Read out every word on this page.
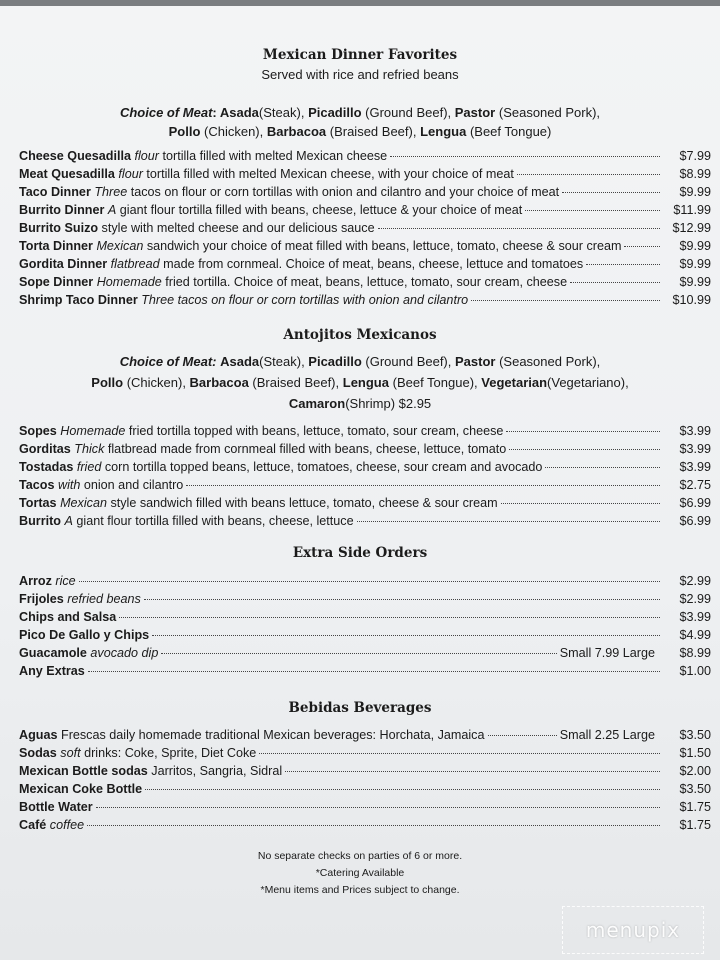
Mexican Dinner Favorites
Served with rice and refried beans
Choice of Meat: Asada(Steak), Picadillo (Ground Beef), Pastor (Seasoned Pork),
Pollo (Chicken), Barbacoa (Braised Beef), Lengua (Beef Tongue)
Cheese Quesadilla flour tortilla filled with melted Mexican cheese	$7.99
Meat Quesadilla flour tortilla filled with melted Mexican cheese, with your choice of meat	$8.99
Taco Dinner Three tacos on flour or corn tortillas with onion and cilantro and your choice of meat	$9.99
Burrito Dinner A giant flour tortilla filled with beans, cheese, lettuce & your choice of meat	$11.99
Burrito Suizo style with melted cheese and our delicious sauce	$12.99
Torta Dinner Mexican sandwich your choice of meat filled with beans, lettuce, tomato, cheese & sour cream	$9.99
Gordita Dinner flatbread made from cornmeal. Choice of meat, beans, cheese, lettuce and tomatoes	$9.99
Sope Dinner Homemade fried tortilla. Choice of meat, beans, lettuce, tomato, sour cream, cheese	$9.99
Shrimp Taco Dinner Three tacos on flour or corn tortillas with onion and cilantro	$10.99
Antojitos Mexicanos
Choice of Meat: Asada(Steak), Picadillo (Ground Beef), Pastor (Seasoned Pork),
Pollo (Chicken), Barbacoa (Braised Beef), Lengua (Beef Tongue), Vegetarian(Vegetariano),
Camaron(Shrimp) $2.95
Sopes Homemade fried tortilla topped with beans, lettuce, tomato, sour cream, cheese	$3.99
Gorditas Thick flatbread made from cornmeal filled with beans, cheese, lettuce, tomato	$3.99
Tostadas fried corn tortilla topped beans, lettuce, tomatoes, cheese, sour cream and avocado	$3.99
Tacos with onion and cilantro	$2.75
Tortas Mexican style sandwich filled with beans lettuce, tomato, cheese & sour cream	$6.99
Burrito A giant flour tortilla filled with beans, cheese, lettuce	$6.99
Extra Side Orders
Arroz rice	$2.99
Frijoles refried beans	$2.99
Chips and Salsa	$3.99
Pico De Gallo y Chips	$4.99
Guacamole avocado dip	Small 7.99 Large	$8.99
Any Extras	$1.00
Bebidas Beverages
Aguas Frescas daily homemade traditional Mexican beverages: Horchata, Jamaica	Small 2.25 Large	$3.50
Sodas soft drinks: Coke, Sprite, Diet Coke	$1.50
Mexican Bottle sodas Jarritos, Sangria, Sidral	$2.00
Mexican Coke Bottle	$3.50
Bottle Water	$1.75
Café coffee	$1.75
No separate checks on parties of 6 or more.
*Catering Available
*Menu items and Prices subject to change.
menupix
